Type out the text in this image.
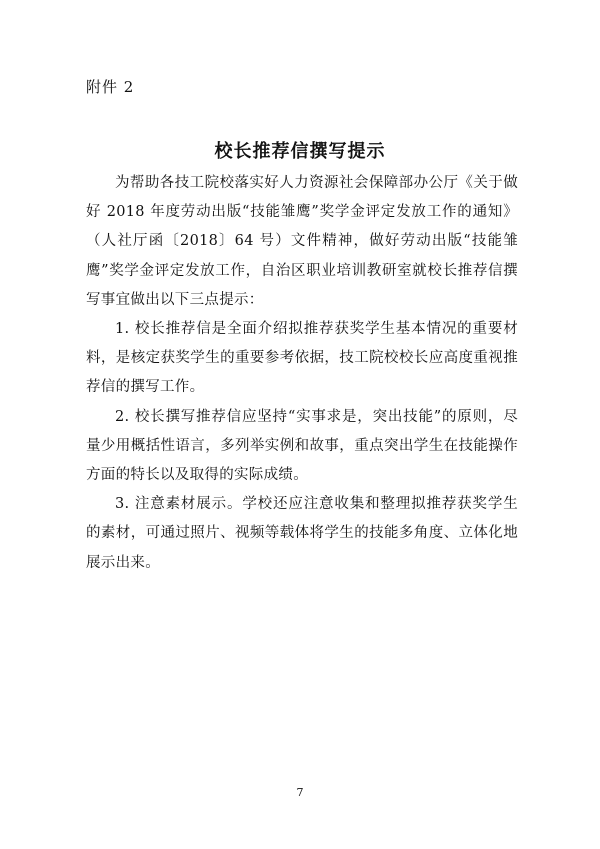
附件 2
校长推荐信撰写提示

为帮助各技工院校落实好人力资源社会保障部办公厅《关于做好 2018 年度劳动出版“技能雏鹰”奖学金评定发放工作的通知》（人社厅函〔2018〕64 号）文件精神，做好劳动出版“技能雏鹰”奖学金评定发放工作，自治区职业培训教研室就校长推荐信撰写事宜做出以下三点提示：

1. 校长推荐信是全面介绍拟推荐获奖学生基本情况的重要材料，是核定获奖学生的重要参考依据，技工院校校长应高度重视推荐信的撰写工作。

2. 校长撰写推荐信应坚持“实事求是，突出技能”的原则，尽量少用概括性语言，多列举实例和故事，重点突出学生在技能操作方面的特长以及取得的实际成绩。

3. 注意素材展示。学校还应注意收集和整理拟推荐获奖学生的素材，可通过照片、视频等载体将学生的技能多角度、立体化地展示出来。

7
